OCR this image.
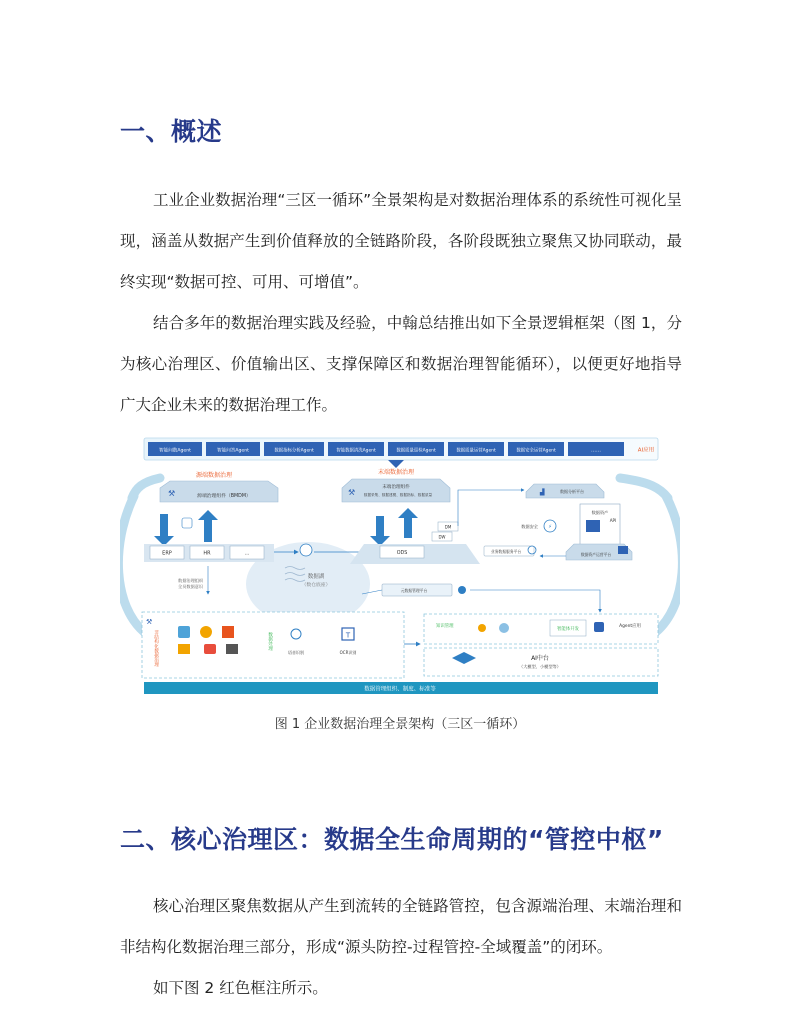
一、概述

工业企业数据治理“三区一循环”全景架构是对数据治理体系的系统性可视化呈现，涵盖从数据产生到价值释放的全链路阶段，各阶段既独立聚焦又协同联动，最终实现“数据可控、可用、可增值”。

结合多年的数据治理实践及经验，中翰总结推出如下全景逻辑框架（图 1，分为核心治理区、价值输出区、支撑保障区和数据治理智能循环），以便更好地指导广大企业未来的数据治理工作。

智能问数Agent	智能问答Agent	数据指标分析Agent	智能数据清洗Agent	数据质量巡检Agent	数据质量运营Agent	数据安全运营Agent	……	AI应用
数据湖
（数仓底座）
源端数据治理
⚒	源端治理组件（BMDM）
ERP	HR	…
数据治理组织
全员数据意识
末端数据治理
⚒
末端治理组件
数据采集、数据建模、数据指标、数据质量
ODS
DM
DW
▟	数据分析平台
数据资产
API
⚡
数据安全
数据资产运营平台
业务数据服务平台
元数据管理平台
⚒
非结构化数据治理	数据处理
语音识别
T
OCR识别
知识管理
智能体开发
Agent应用
AI中台
（大模型、小模型等）
数据管理组织、制度、标准等
图 1 企业数据治理全景架构（三区一循环）
二、核心治理区：数据全生命周期的“管控中枢”

核心治理区聚焦数据从产生到流转的全链路管控，包含源端治理、末端治理和非结构化数据治理三部分，形成“源头防控-过程管控-全域覆盖”的闭环。

如下图 2 红色框注所示。
